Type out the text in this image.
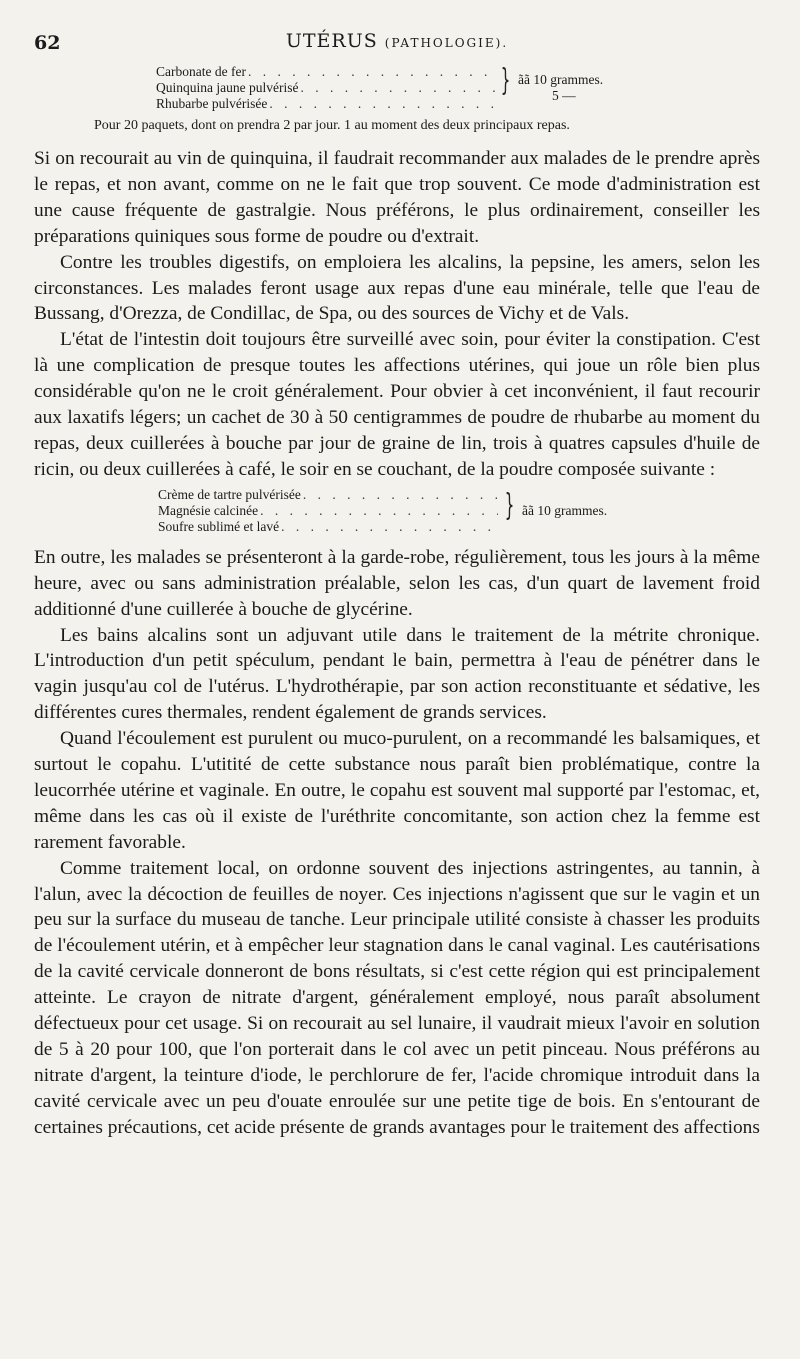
62	UTÉRUS (PATHOLOGIE).
Carbonate de fer
. . .
Quinquina jaune pulvérisé
. . .
Rhubarbe pulvérisée
. . .
} ãã 10 grammes.
5 —
Pour 20 paquets, dont on prendra 2 par jour. 1 au moment des deux principaux repas.

Si on recourait au vin de quinquina, il faudrait recommander aux malades de le prendre après le repas, et non avant, comme on ne le fait que trop souvent. Ce mode d'administration est une cause fréquente de gastralgie. Nous préférons, le plus ordinairement, conseiller les préparations quiniques sous forme de poudre ou d'extrait.

Contre les troubles digestifs, on emploiera les alcalins, la pepsine, les amers, selon les circonstances. Les malades feront usage aux repas d'une eau minérale, telle que l'eau de Bussang, d'Orezza, de Condillac, de Spa, ou des sources de Vichy et de Vals.

L'état de l'intestin doit toujours être surveillé avec soin, pour éviter la constipation. C'est là une complication de presque toutes les affections utérines, qui joue un rôle bien plus considérable qu'on ne le croit généralement. Pour obvier à cet inconvénient, il faut recourir aux laxatifs légers; un cachet de 30 à 50 centigrammes de poudre de rhubarbe au moment du repas, deux cuillerées à bouche par jour de graine de lin, trois à quatres capsules d'huile de ricin, ou deux cuillerées à café, le soir en se couchant, de la poudre composée suivante :

Crème de tartre pulvérisée
. . .
Magnésie calcinée
. . .
Soufre sublimé et lavé
. . .
} ãã 10 grammes.

En outre, les malades se présenteront à la garde-robe, régulièrement, tous les jours à la même heure, avec ou sans administration préalable, selon les cas, d'un quart de lavement froid additionné d'une cuillerée à bouche de glycérine.

Les bains alcalins sont un adjuvant utile dans le traitement de la métrite chronique. L'introduction d'un petit spéculum, pendant le bain, permettra à l'eau de pénétrer dans le vagin jusqu'au col de l'utérus. L'hydrothérapie, par son action reconstituante et sédative, les différentes cures thermales, rendent également de grands services.

Quand l'écoulement est purulent ou muco-purulent, on a recommandé les balsamiques, et surtout le copahu. L'utitité de cette substance nous paraît bien problématique, contre la leucorrhée utérine et vaginale. En outre, le copahu est souvent mal supporté par l'estomac, et, même dans les cas où il existe de l'uréthrite concomitante, son action chez la femme est rarement favorable.

Comme traitement local, on ordonne souvent des injections astringentes, au tannin, à l'alun, avec la décoction de feuilles de noyer. Ces injections n'agissent que sur le vagin et un peu sur la surface du museau de tanche. Leur principale utilité consiste à chasser les produits de l'écoulement utérin, et à empêcher leur stagnation dans le canal vaginal. Les cautérisations de la cavité cervicale donneront de bons résultats, si c'est cette région qui est principalement atteinte. Le crayon de nitrate d'argent, généralement employé, nous paraît absolument défectueux pour cet usage. Si on recourait au sel lunaire, il vaudrait mieux l'avoir en solution de 5 à 20 pour 100, que l'on porterait dans le col avec un petit pinceau. Nous préférons au nitrate d'argent, la teinture d'iode, le perchlorure de fer, l'acide chromique introduit dans la cavité cervicale avec un peu d'ouate enroulée sur une petite tige de bois. En s'entourant de certaines précautions, cet acide présente de grands avantages pour le traitement des affections
